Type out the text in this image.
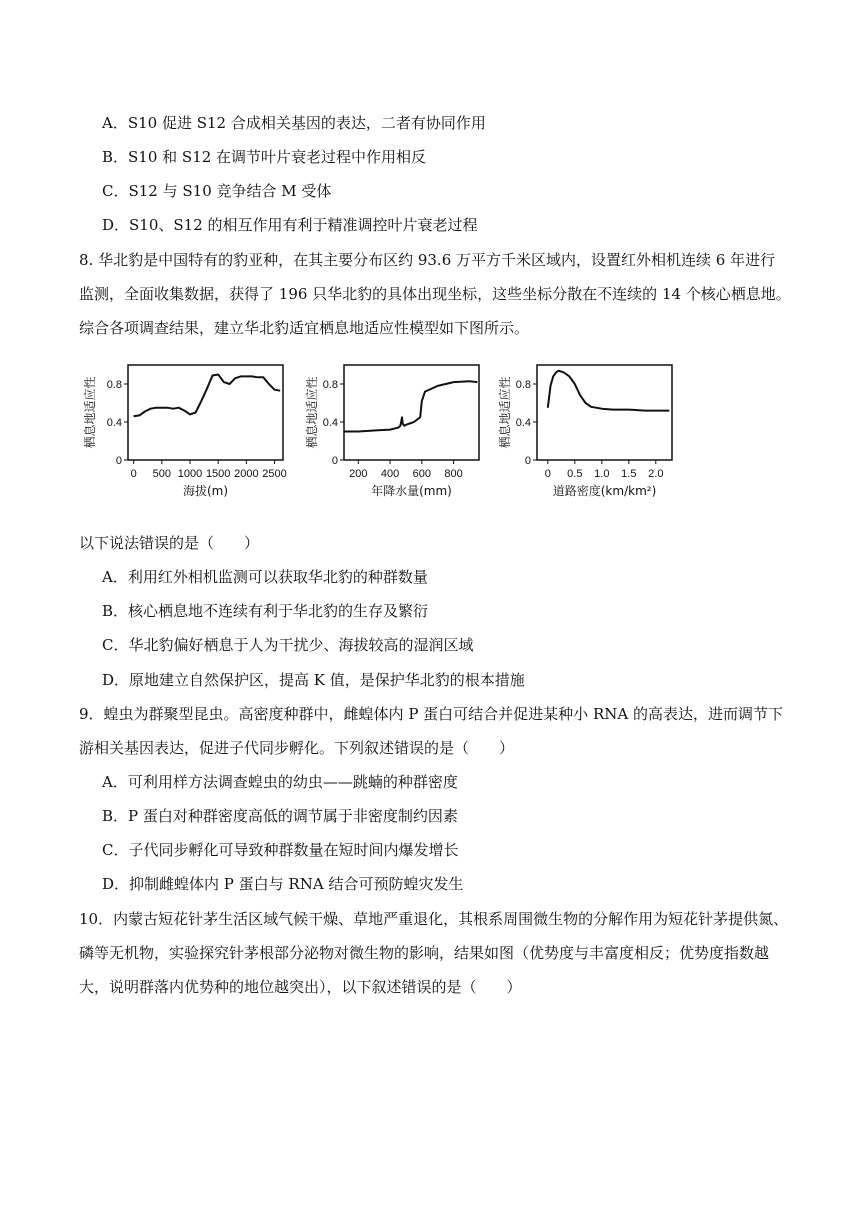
A．S10 促进 S12 合成相关基因的表达，二者有协同作用
B．S10 和 S12 在调节叶片衰老过程中作用相反
C．S12 与 S10 竞争结合 M 受体
D．S10、S12 的相互作用有利于精准调控叶片衰老过程
8. 华北豹是中国特有的豹亚种，在其主要分布区约 93.6 万平方千米区域内，设置红外相机连续 6 年进行
监测，全面收集数据，获得了 196 只华北豹的具体出现坐标，这些坐标分散在不连续的 14 个核心栖息地。
综合各项调查结果，建立华北豹适宜栖息地适应性模型如下图所示。
0
0.4
0.8
0 500 1000 1500 2000 2500
海拔(m)
栖息地适应性
0
0.4
0.8
200 400 600 800
年降水量(mm)
栖息地适应性
0
0.4
0.8
0 0.5 1.0 1.5 2.0
道路密度(km/km²)
栖息地适应性
以下说法错误的是（　　）
A．利用红外相机监测可以获取华北豹的种群数量
B．核心栖息地不连续有利于华北豹的生存及繁衍
C．华北豹偏好栖息于人为干扰少、海拔较高的湿润区域
D．原地建立自然保护区，提高 K 值，是保护华北豹的根本措施
9．蝗虫为群聚型昆虫。高密度种群中，雌蝗体内 P 蛋白可结合并促进某种小 RNA 的高表达，进而调节下
游相关基因表达，促进子代同步孵化。下列叙述错误的是（　　）
A．可利用样方法调查蝗虫的幼虫——跳蝻的种群密度
B．P 蛋白对种群密度高低的调节属于非密度制约因素
C．子代同步孵化可导致种群数量在短时间内爆发增长
D．抑制雌蝗体内 P 蛋白与 RNA 结合可预防蝗灾发生
10．内蒙古短花针茅生活区域气候干燥、草地严重退化，其根系周围微生物的分解作用为短花针茅提供氮、
磷等无机物，实验探究针茅根部分泌物对微生物的影响，结果如图（优势度与丰富度相反；优势度指数越
大，说明群落内优势种的地位越突出），以下叙述错误的是（　　）
